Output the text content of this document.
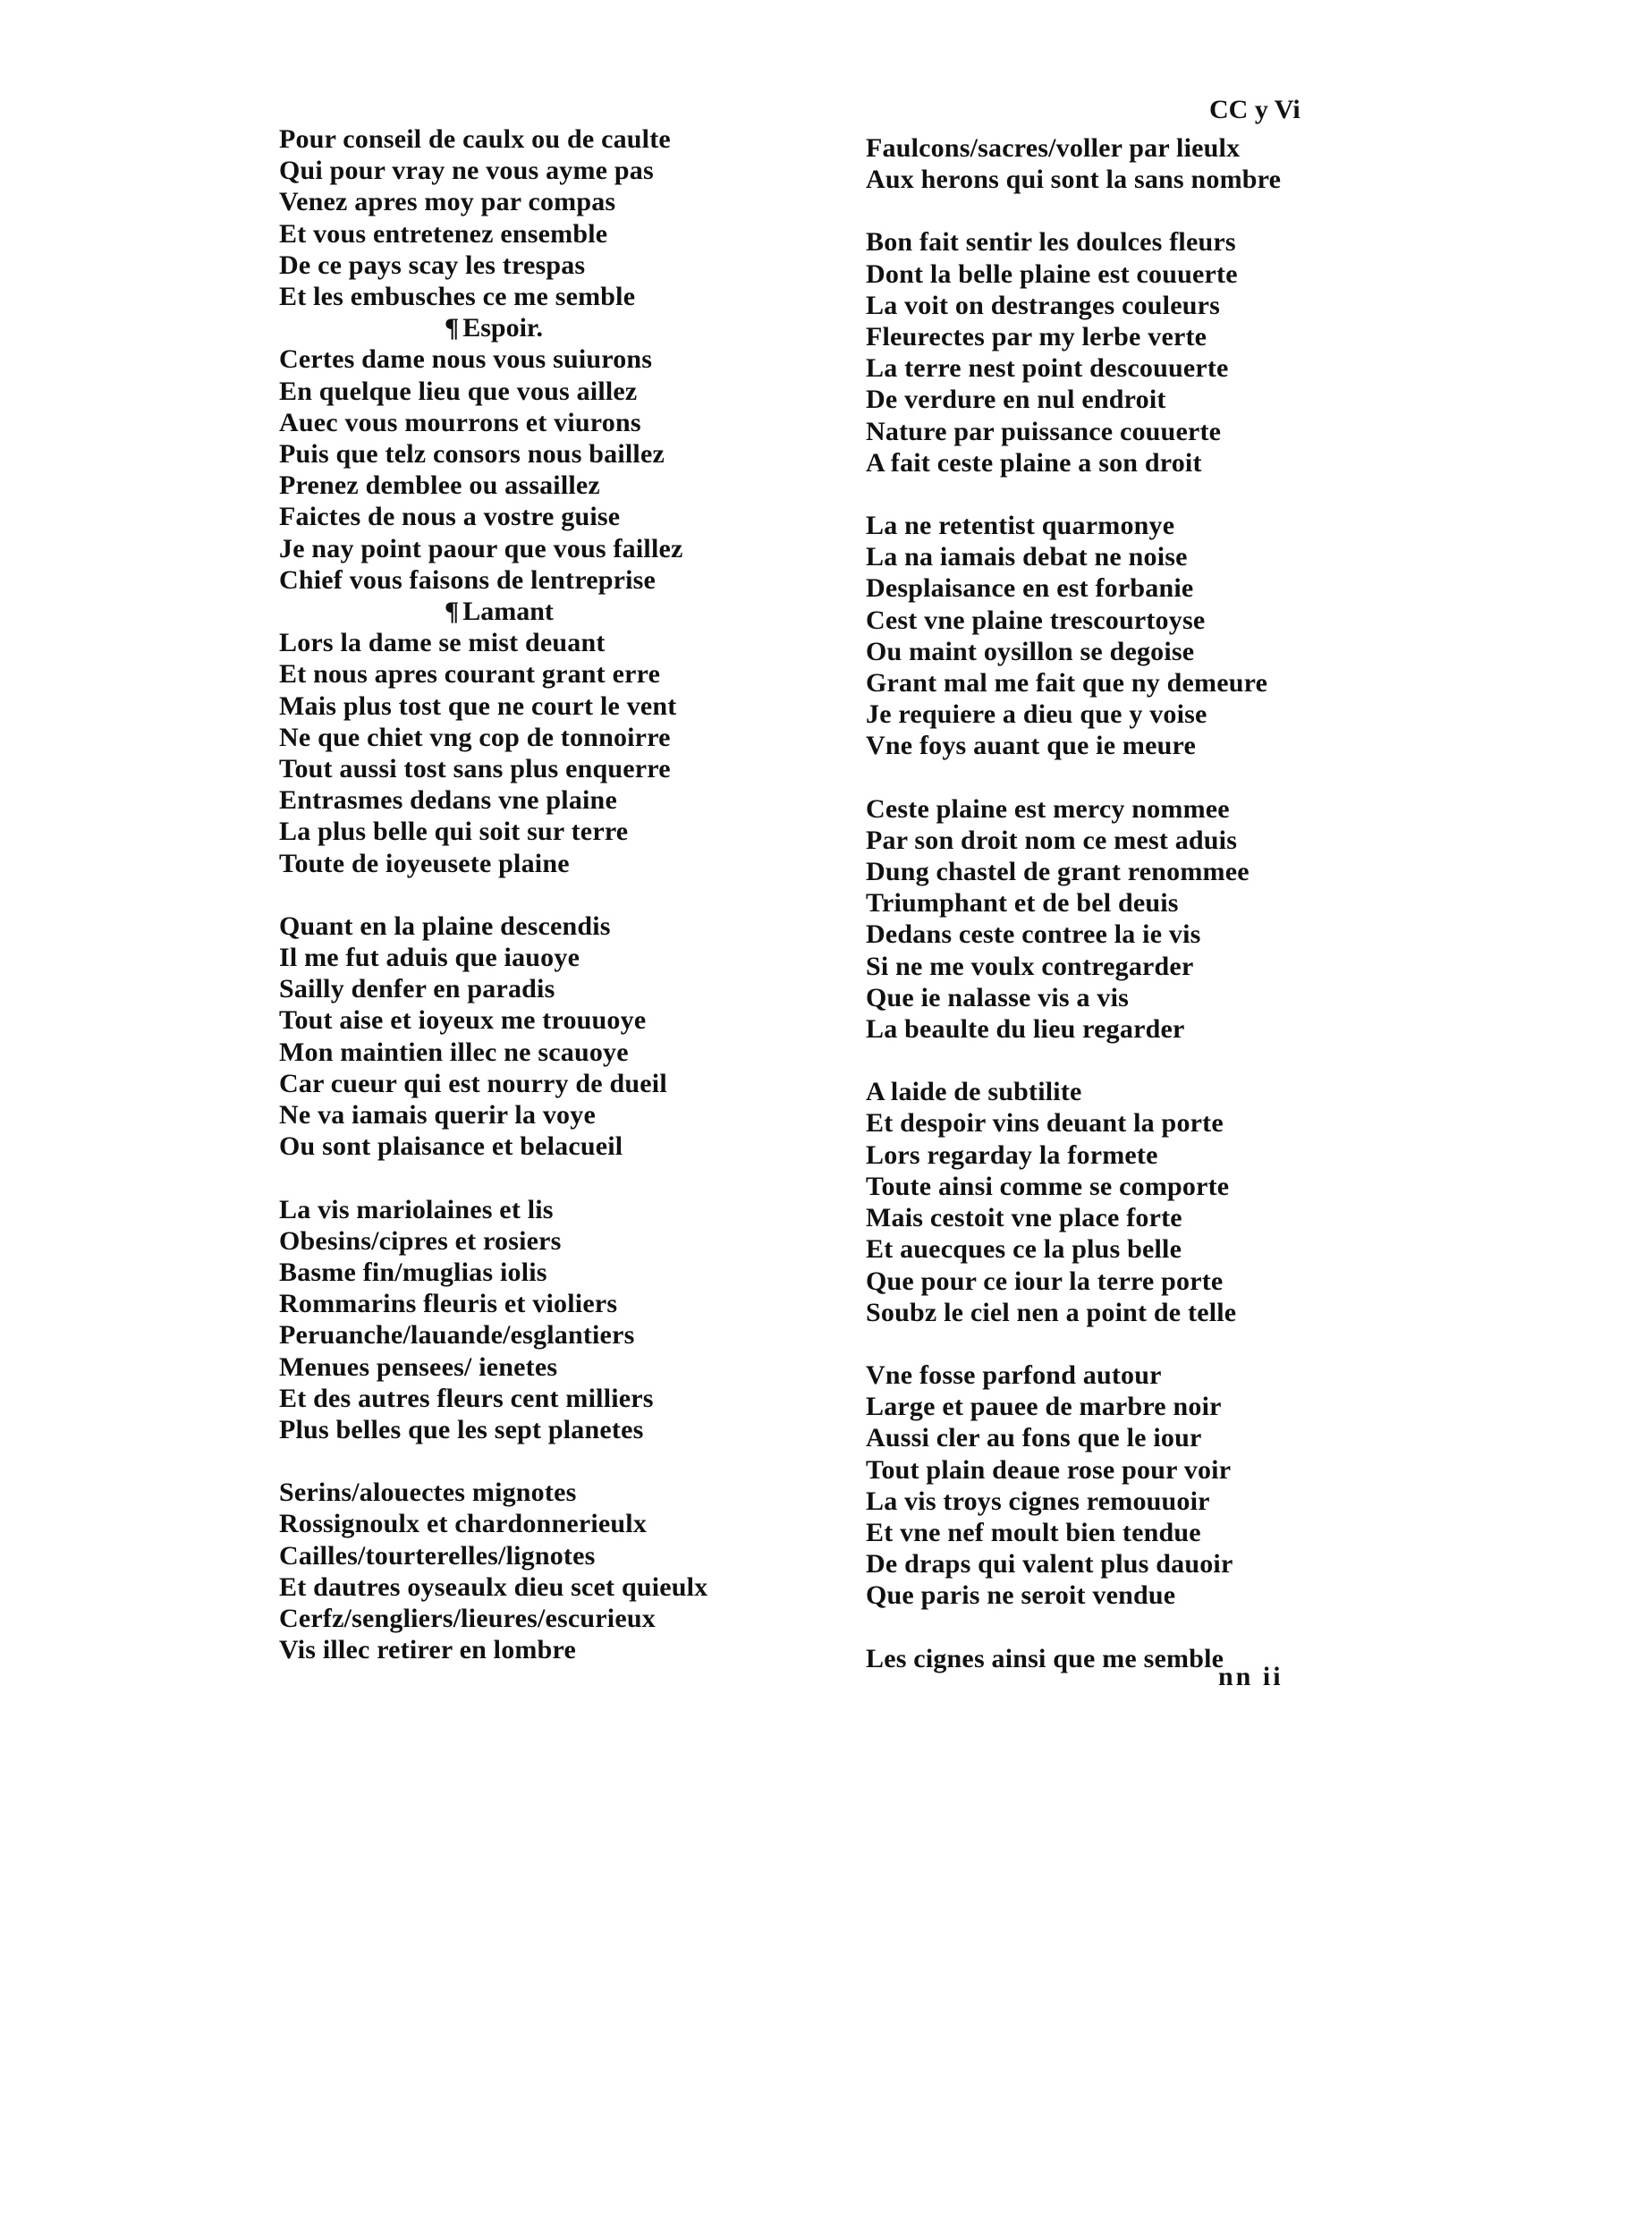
CC y Vi
Pour conseil de caulx ou de caulte
Qui pour vray ne vous ayme pas
Venez apres moy par compas
Et vous entretenez ensemble
De ce pays scay les trespas
Et les embusches ce me semble
¶ Espoir.
Certes dame nous vous suiurons
En quelque lieu que vous aillez
Auec vous mourrons et viurons
Puis que telz consors nous baillez
Prenez demblee ou assaillez
Faictes de nous a vostre guise
Je nay point paour que vous faillez
Chief vous faisons de lentreprise
¶ Lamant
Lors la dame se mist deuant
Et nous apres courant grant erre
Mais plus tost que ne court le vent
Ne que chiet vng cop de tonnoirre
Tout aussi tost sans plus enquerre
Entrasmes dedans vne plaine
La plus belle qui soit sur terre
Toute de ioyeusete plaine
Quant en la plaine descendis
Il me fut aduis que iauoye
Sailly denfer en paradis
Tout aise et ioyeux me trouuoye
Mon maintien illec ne scauoye
Car cueur qui est nourry de dueil
Ne va iamais querir la voye
Ou sont plaisance et belacueil
La vis mariolaines et lis
Obesins/cipres et rosiers
Basme fin/muglias iolis
Rommarins fleuris et violiers
Peruanche/lauande/esglantiers
Menues pensees/ ienetes
Et des autres fleurs cent milliers
Plus belles que les sept planetes
Serins/alouectes mignotes
Rossignoulx et chardonnerieulx
Cailles/tourterelles/lignotes
Et dautres oyseaulx dieu scet quieulx
Cerfz/sengliers/lieures/escurieux
Vis illec retirer en lombre
Faulcons/sacres/voller par lieulx
Aux herons qui sont la sans nombre
Bon fait sentir les doulces fleurs
Dont la belle plaine est couuerte
La voit on destranges couleurs
Fleurectes par my lerbe verte
La terre nest point descouuerte
De verdure en nul endroit
Nature par puissance couuerte
A fait ceste plaine a son droit
La ne retentist quarmonye
La na iamais debat ne noise
Desplaisance en est forbanie
Cest vne plaine trescourtoyse
Ou maint oysillon se degoise
Grant mal me fait que ny demeure
Je requiere a dieu que y voise
Vne foys auant que ie meure
Ceste plaine est mercy nommee
Par son droit nom ce mest aduis
Dung chastel de grant renommee
Triumphant et de bel deuis
Dedans ceste contree la ie vis
Si ne me voulx contregarder
Que ie nalasse vis a vis
La beaulte du lieu regarder
A laide de subtilite
Et despoir vins deuant la porte
Lors regarday la formete
Toute ainsi comme se comporte
Mais cestoit vne place forte
Et auecques ce la plus belle
Que pour ce iour la terre porte
Soubz le ciel nen a point de telle
Vne fosse parfond autour
Large et pauee de marbre noir
Aussi cler au fons que le iour
Tout plain deaue rose pour voir
La vis troys cignes remouuoir
Et vne nef moult bien tendue
De draps qui valent plus dauoir
Que paris ne seroit vendue
Les cignes ainsi que me semble
nn ii
